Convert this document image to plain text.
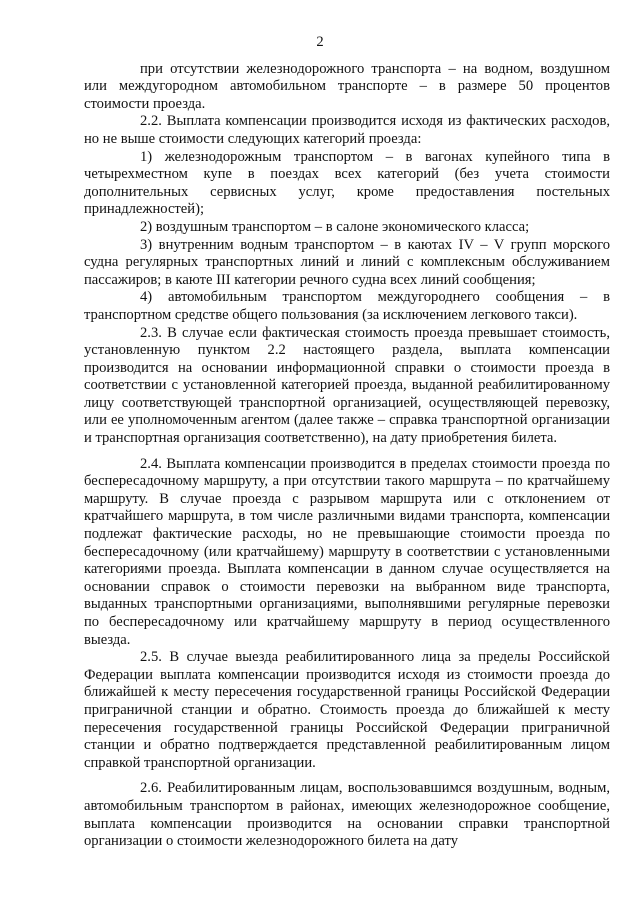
2

при отсутствии железнодорожного транспорта – на водном, воздушном или междугородном автомобильном транспорте – в размере 50 процентов стоимости проезда.

2.2. Выплата компенсации производится исходя из фактических расходов, но не выше стоимости следующих категорий проезда:

1) железнодорожным транспортом – в вагонах купейного типа в четырехместном купе в поездах всех категорий (без учета стоимости дополнительных сервисных услуг, кроме предоставления постельных принадлежностей);

2) воздушным транспортом – в салоне экономического класса;

3) внутренним водным транспортом – в каютах IV – V групп морского судна регулярных транспортных линий и линий с комплексным обслуживанием пассажиров; в каюте III категории речного судна всех линий сообщения;

4) автомобильным транспортом междугороднего сообщения – в транспортном средстве общего пользования (за исключением легкового такси).

2.3. В случае если фактическая стоимость проезда превышает стоимость, установленную пунктом 2.2 настоящего раздела, выплата компенсации производится на основании информационной справки о стоимости проезда в соответствии с установленной категорией проезда, выданной реабилитированному лицу соответствующей транспортной организацией, осуществляющей перевозку, или ее уполномоченным агентом (далее также – справка транспортной организации и транспортная организация соответственно), на дату приобретения билета.

2.4. Выплата компенсации производится в пределах стоимости проезда по беспересадочному маршруту, а при отсутствии такого маршрута – по кратчайшему маршруту. В случае проезда с разрывом маршрута или с отклонением от кратчайшего маршрута, в том числе различными видами транспорта, компенсации подлежат фактические расходы, но не превышающие стоимости проезда по беспересадочному (или кратчайшему) маршруту в соответствии с установленными категориями проезда. Выплата компенсации в данном случае осуществляется на основании справок о стоимости перевозки на выбранном виде транспорта, выданных транспортными организациями, выполнявшими регулярные перевозки по беспересадочному или кратчайшему маршруту в период осуществленного выезда.

2.5. В случае выезда реабилитированного лица за пределы Российской Федерации выплата компенсации производится исходя из стоимости проезда до ближайшей к месту пересечения государственной границы Российской Федерации приграничной станции и обратно. Стоимость проезда до ближайшей к месту пересечения государственной границы Российской Федерации приграничной станции и обратно подтверждается представленной реабилитированным лицом справкой транспортной организации.

2.6. Реабилитированным лицам, воспользовавшимся воздушным, водным, автомобильным транспортом в районах, имеющих железнодорожное сообщение, выплата компенсации производится на основании справки транспортной организации о стоимости железнодорожного билета на дату
